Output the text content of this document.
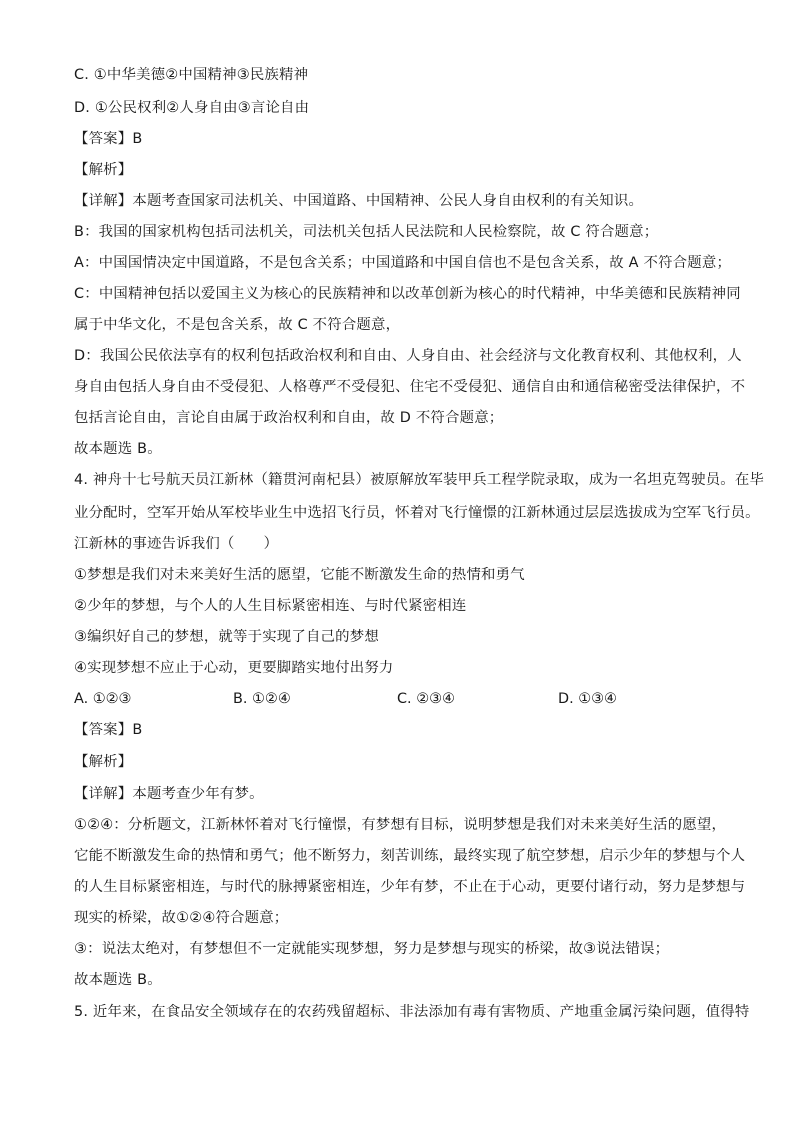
C. ①中华美德②中国精神③民族精神
D. ①公民权利②人身自由③言论自由
【答案】B
【解析】
【详解】本题考查国家司法机关、中国道路、中国精神、公民人身自由权利的有关知识。
B：我国的国家机构包括司法机关，司法机关包括人民法院和人民检察院，故 C 符合题意；
A：中国国情决定中国道路，不是包含关系；中国道路和中国自信也不是包含关系，故 A 不符合题意；
C：中国精神包括以爱国主义为核心的民族精神和以改革创新为核心的时代精神，中华美德和民族精神同
属于中华文化，不是包含关系，故 C 不符合题意，
D：我国公民依法享有的权利包括政治权利和自由、人身自由、社会经济与文化教育权利、其他权利，人
身自由包括人身自由不受侵犯、人格尊严不受侵犯、住宅不受侵犯、通信自由和通信秘密受法律保护，不
包括言论自由，言论自由属于政治权利和自由，故 D 不符合题意；
故本题选 B。
4. 神舟十七号航天员江新林（籍贯河南杞县）被原解放军装甲兵工程学院录取，成为一名坦克驾驶员。在毕
业分配时，空军开始从军校毕业生中选招飞行员，怀着对飞行憧憬的江新林通过层层选拔成为空军飞行员。
江新林的事迹告诉我们（　　）
①梦想是我们对未来美好生活的愿望，它能不断激发生命的热情和勇气
②少年的梦想，与个人的人生目标紧密相连、与时代紧密相连
③编织好自己的梦想，就等于实现了自己的梦想
④实现梦想不应止于心动，更要脚踏实地付出努力
A. ①②③	B. ①②④	C. ②③④	D. ①③④
【答案】B
【解析】
【详解】本题考查少年有梦。
①②④：分析题文，江新林怀着对飞行憧憬，有梦想有目标，说明梦想是我们对未来美好生活的愿望，
它能不断激发生命的热情和勇气；他不断努力，刻苦训练，最终实现了航空梦想，启示少年的梦想与个人
的人生目标紧密相连，与时代的脉搏紧密相连，少年有梦，不止在于心动，更要付诸行动，努力是梦想与
现实的桥梁，故①②④符合题意；
③：说法太绝对，有梦想但不一定就能实现梦想，努力是梦想与现实的桥梁，故③说法错误；
故本题选 B。
5. 近年来，在食品安全领域存在的农药残留超标、非法添加有毒有害物质、产地重金属污染问题，值得特
